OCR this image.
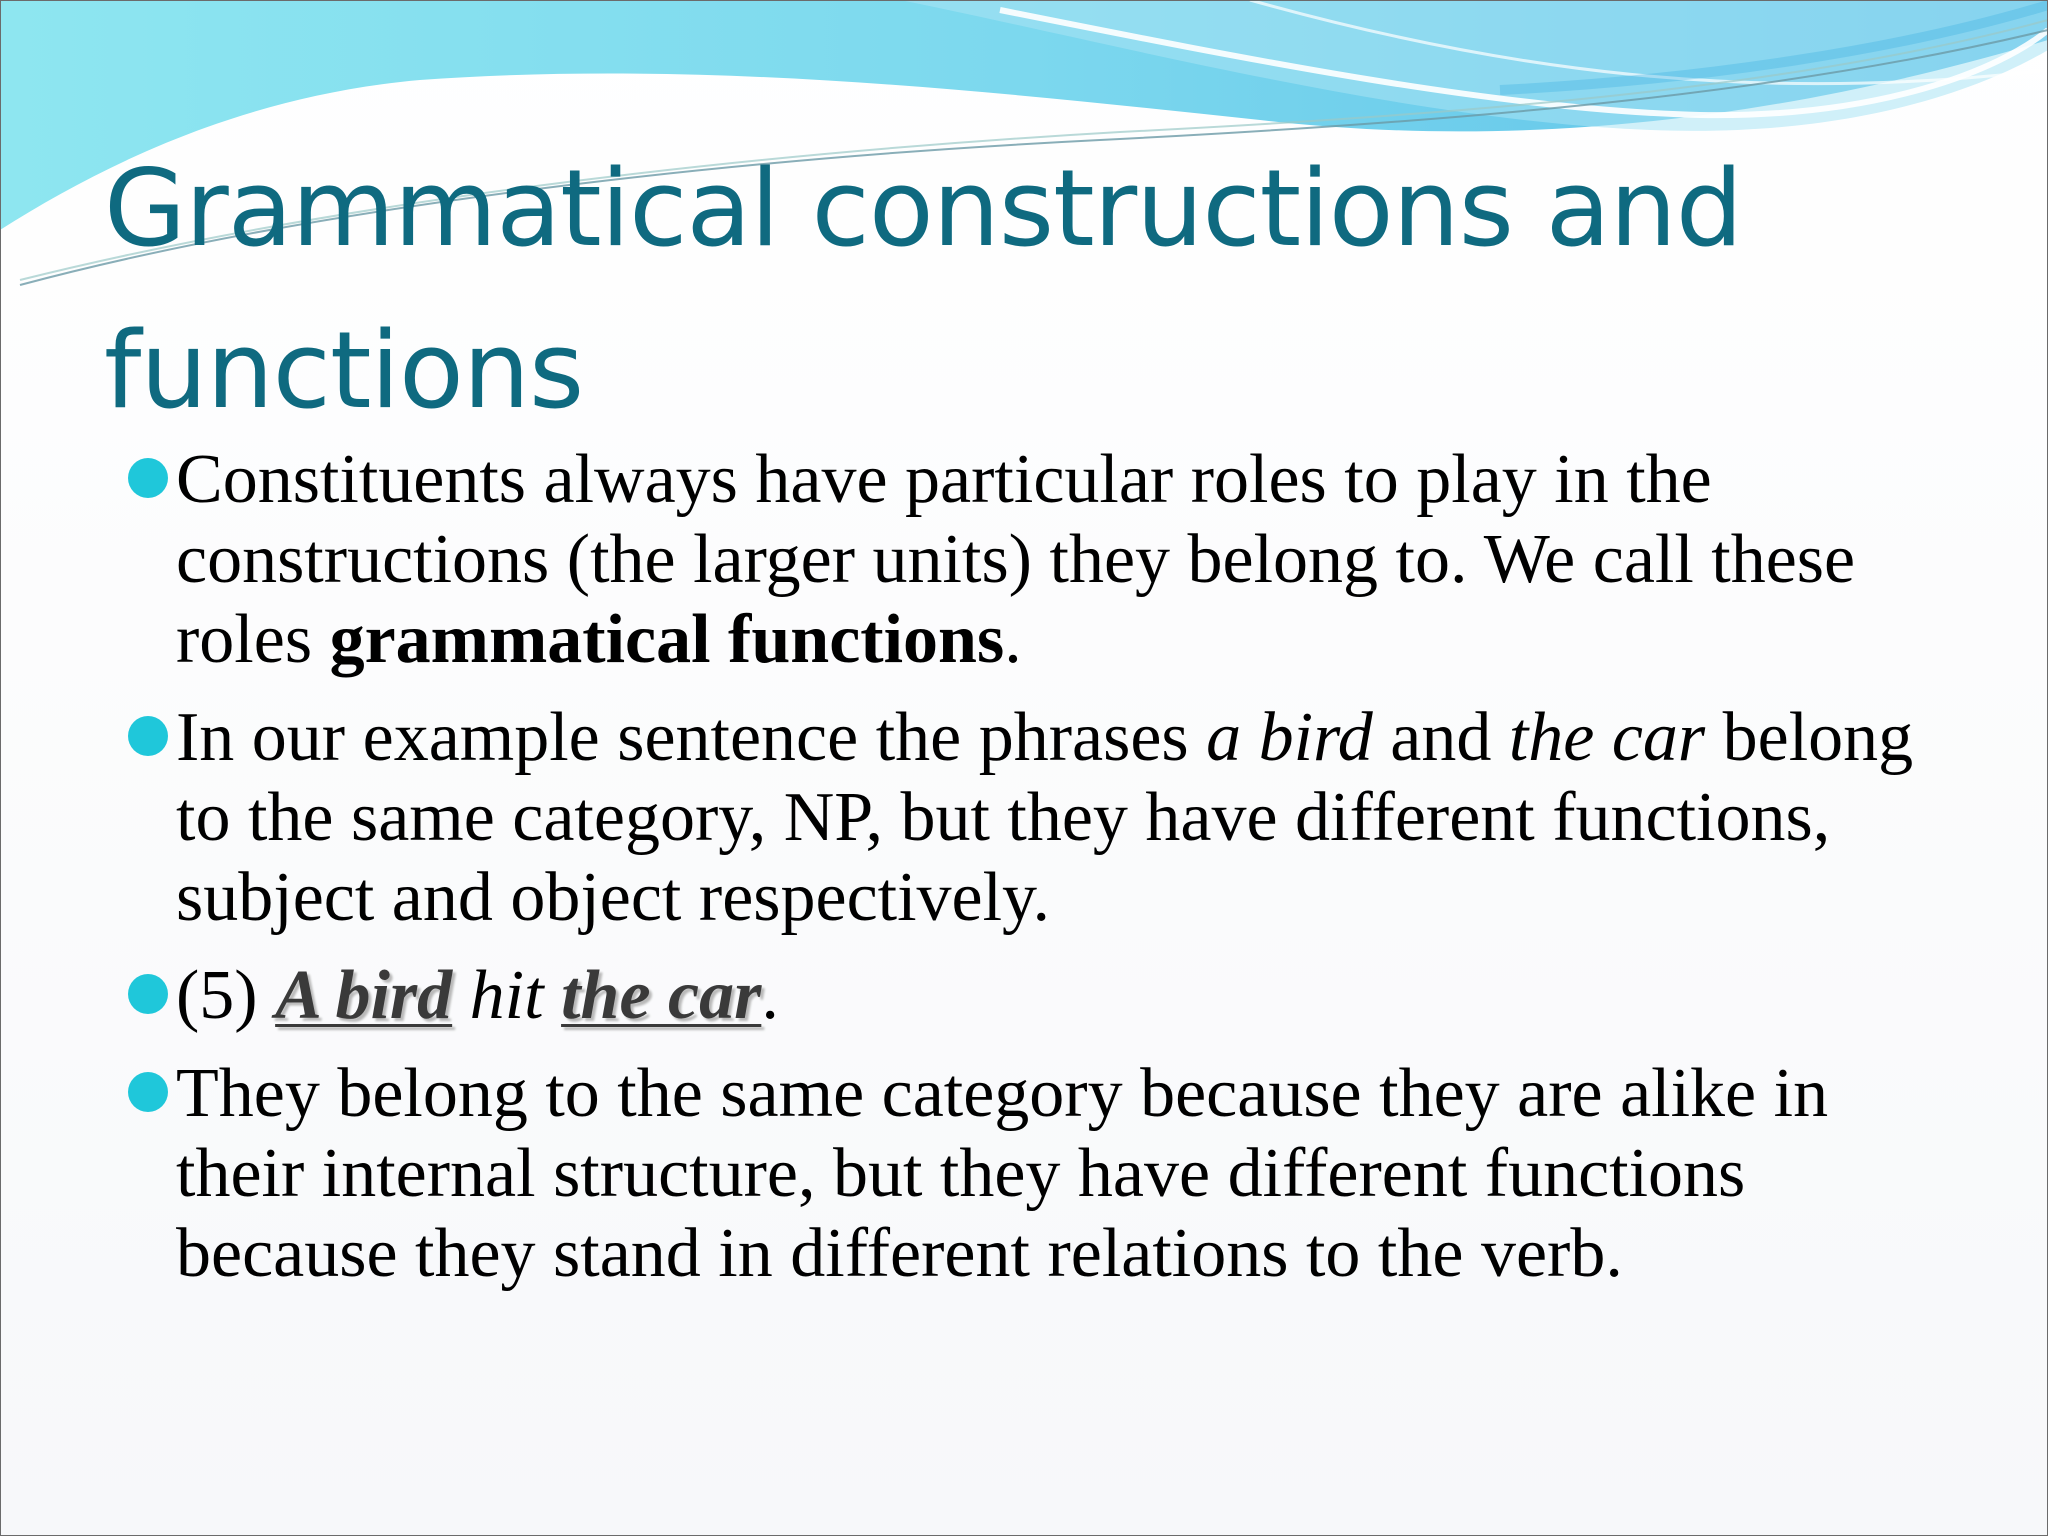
Grammatical constructions and functions
Constituents always have particular roles to play in the constructions (the larger units) they belong to. We call these roles grammatical functions.
In our example sentence the phrases a bird and the car belong to the same category, NP, but they have different functions, subject and object respectively.
(5) A bird hit the car.
They belong to the same category because they are alike in their internal structure, but they have different functions because they stand in different relations to the verb.
